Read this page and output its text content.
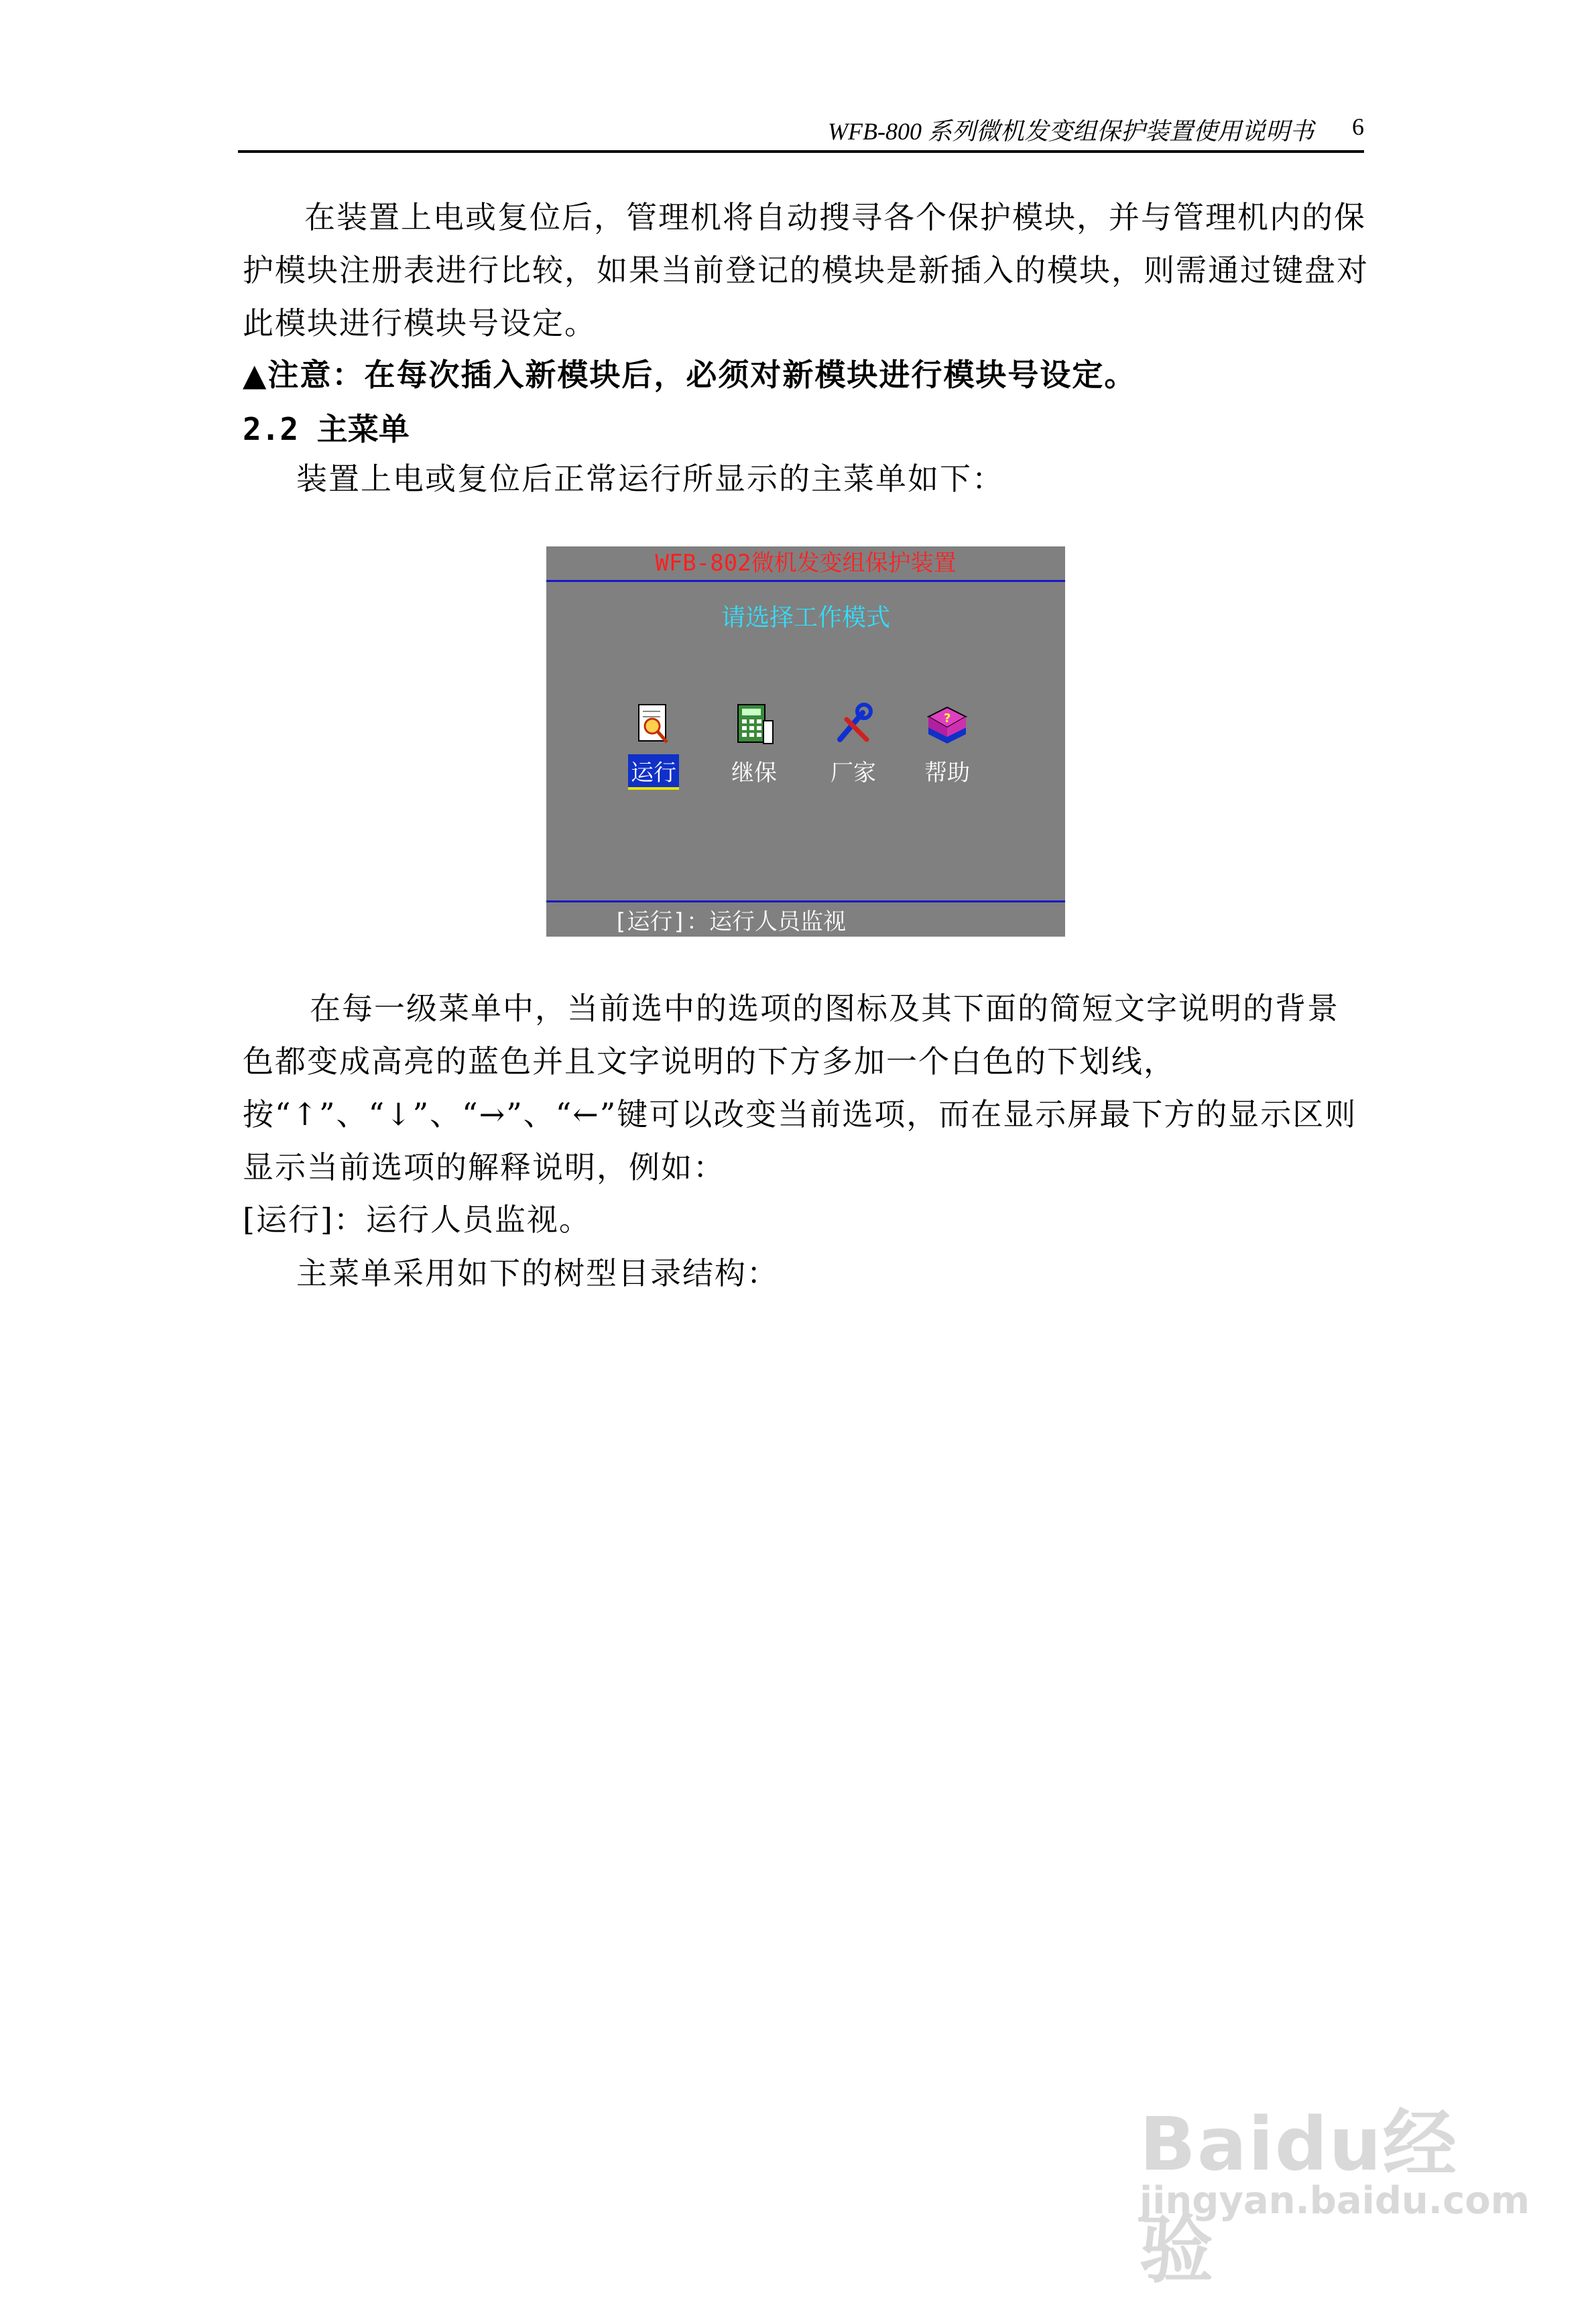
WFB-800 系列微机发变组保护装置使用说明书 6

在装置上电或复位后，管理机将自动搜寻各个保护模块，并与管理机内的保护模块注册表进行比较，如果当前登记的模块是新插入的模块，则需通过键盘对此模块进行模块号设定。

▲注意：在每次插入新模块后，必须对新模块进行模块号设定。

2.2 主菜单

装置上电或复位后正常运行所显示的主菜单如下：

WFB-802微机发变组保护装置
请选择工作模式
运行	继保	厂家
?
帮助
[运行]：运行人员监视

在每一级菜单中，当前选中的选项的图标及其下面的简短文字说明的背景色都变成高亮的蓝色并且文字说明的下方多加一个白色的下划线，按“↑”、“↓”、“→”、“←”键可以改变当前选项，而在显示屏最下方的显示区则显示当前选项的解释说明，例如：

[运行]：运行人员监视。

主菜单采用如下的树型目录结构：

Baidu经验
jingyan.baidu.com
